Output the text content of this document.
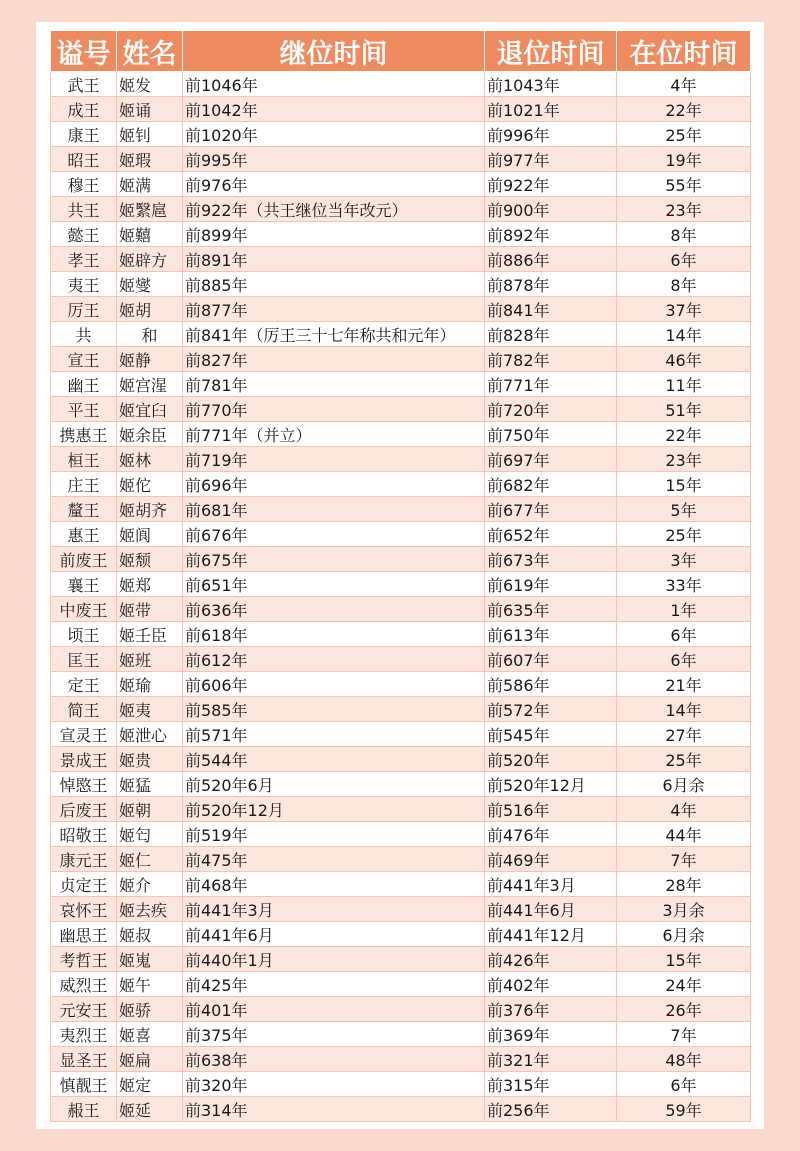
谥号	姓名	继位时间	退位时间	在位时间
武王	姬发	前1046年	前1043年	4年
成王	姬诵	前1042年	前1021年	22年
康王	姬钊	前1020年	前996年	25年
昭王	姬瑕	前995年	前977年	19年
穆王	姬满	前976年	前922年	55年
共王	姬繄扈	前922年（共王继位当年改元）	前900年	23年
懿王	姬囏	前899年	前892年	8年
孝王	姬辟方	前891年	前886年	6年
夷王	姬燮	前885年	前878年	8年
厉王	姬胡	前877年	前841年	37年
共	和	前841年（厉王三十七年称共和元年）	前828年	14年
宣王	姬静	前827年	前782年	46年
幽王	姬宫湦	前781年	前771年	11年
平王	姬宜臼	前770年	前720年	51年
携惠王	姬余臣	前771年（并立）	前750年	22年
桓王	姬林	前719年	前697年	23年
庄王	姬佗	前696年	前682年	15年
釐王	姬胡齐	前681年	前677年	5年
惠王	姬阆	前676年	前652年	25年
前废王	姬颓	前675年	前673年	3年
襄王	姬郑	前651年	前619年	33年
中废王	姬带	前636年	前635年	1年
顷王	姬壬臣	前618年	前613年	6年
匡王	姬班	前612年	前607年	6年
定王	姬瑜	前606年	前586年	21年
简王	姬夷	前585年	前572年	14年
宣灵王	姬泄心	前571年	前545年	27年
景成王	姬贵	前544年	前520年	25年
悼愍王	姬猛	前520年6月	前520年12月	6月余
后废王	姬朝	前520年12月	前516年	4年
昭敬王	姬匄	前519年	前476年	44年
康元王	姬仁	前475年	前469年	7年
贞定王	姬介	前468年	前441年3月	28年
哀怀王	姬去疾	前441年3月	前441年6月	3月余
幽思王	姬叔	前441年6月	前441年12月	6月余
考哲王	姬嵬	前440年1月	前426年	15年
威烈王	姬午	前425年	前402年	24年
元安王	姬骄	前401年	前376年	26年
夷烈王	姬喜	前375年	前369年	7年
显圣王	姬扁	前638年	前321年	48年
慎靓王	姬定	前320年	前315年	6年
赧王	姬延	前314年	前256年	59年
